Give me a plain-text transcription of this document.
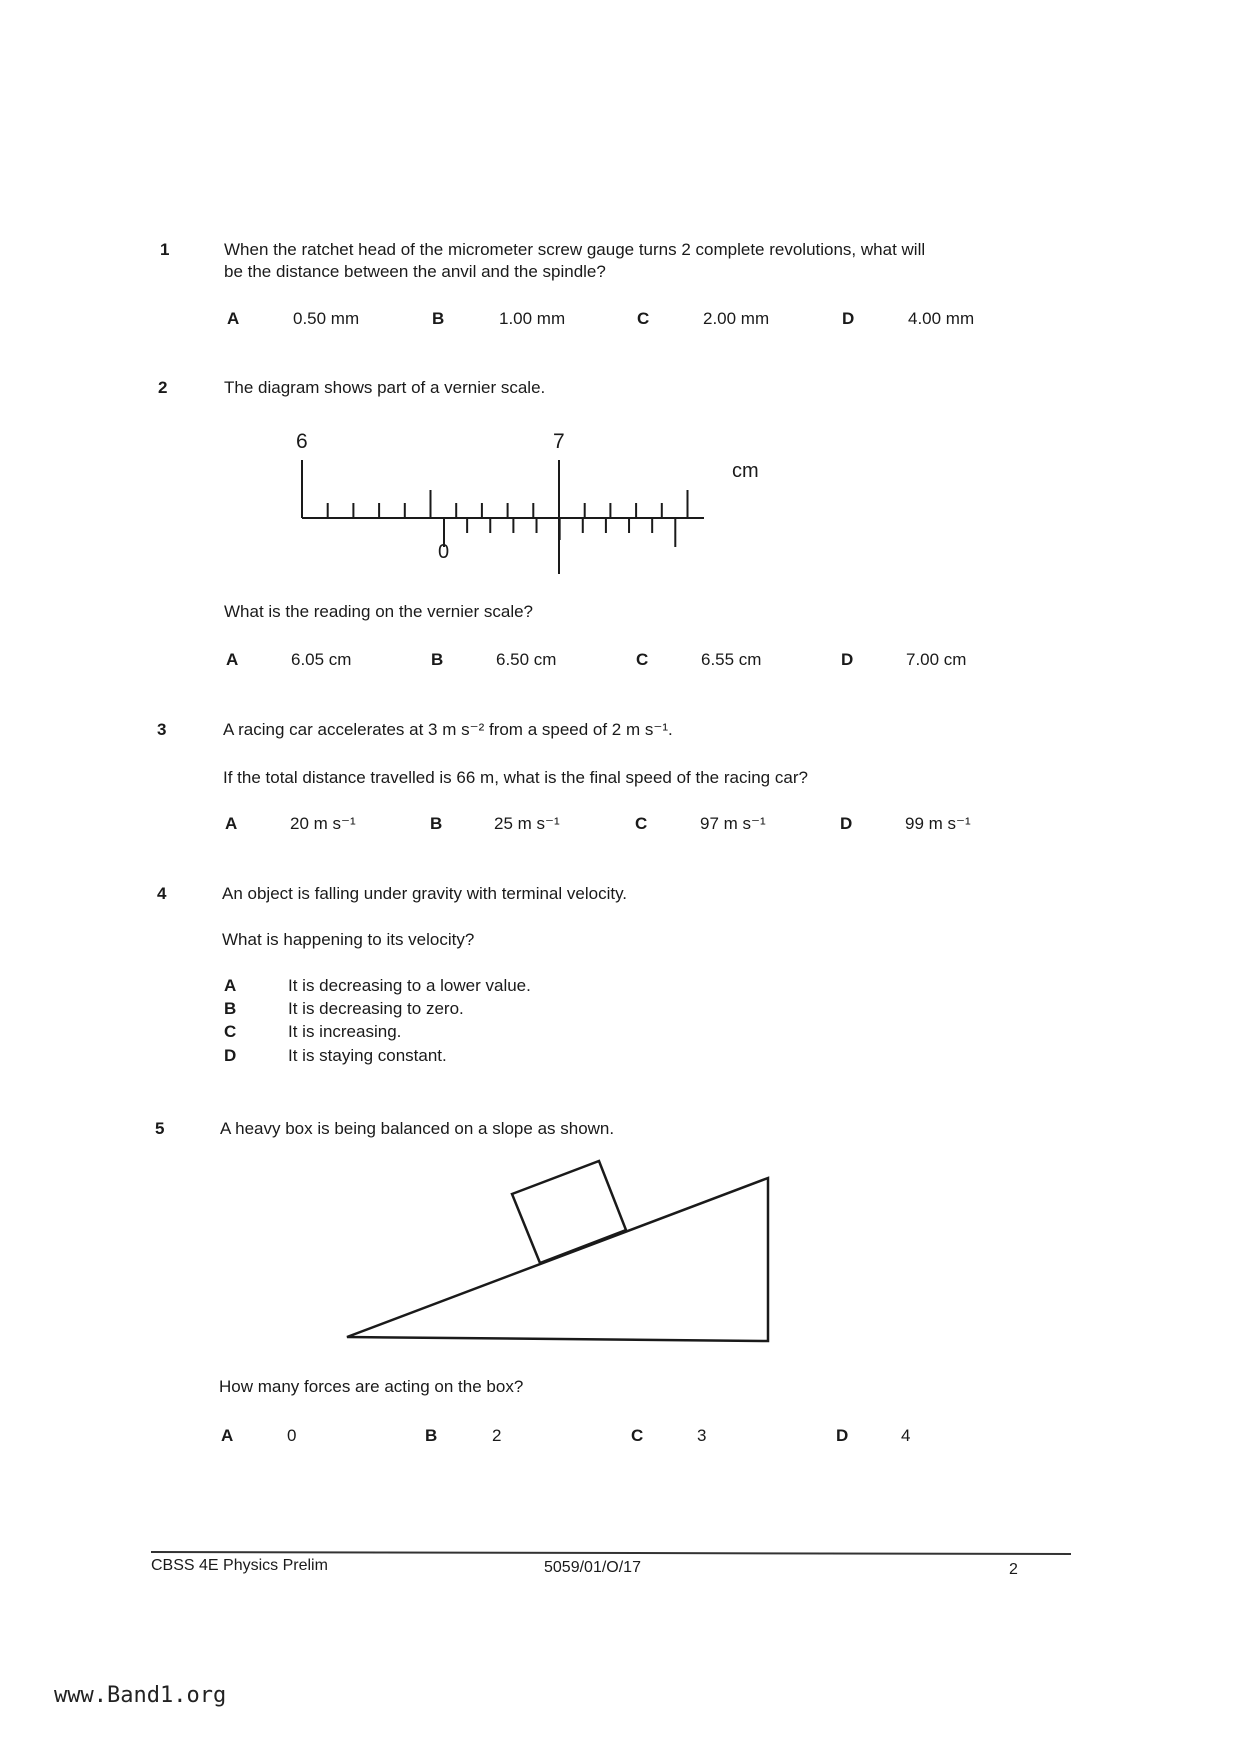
1	When the ratchet head of the micrometer screw gauge turns 2 complete revolutions, what will
be the distance between the anvil and the spindle?
A	0.50 mm	B	1.00 mm	C	2.00 mm	D	4.00 mm
2	The diagram shows part of a vernier scale.
6	7
cm
0
What is the reading on the vernier scale?
A	6.05 cm	B	6.50 cm	C	6.55 cm	D	7.00 cm
3	A racing car accelerates at 3 m s⁻² from a speed of 2 m s⁻¹.
If the total distance travelled is 66 m, what is the final speed of the racing car?
A	20 m s⁻¹	B	25 m s⁻¹	C	97 m s⁻¹	D	99 m s⁻¹
4	An object is falling under gravity with terminal velocity.
What is happening to its velocity?
A	It is decreasing to a lower value.
B	It is decreasing to zero.
C	It is increasing.
D	It is staying constant.
5	A heavy box is being balanced on a slope as shown.
How many forces are acting on the box?
A	0	B	2	C	3	D	4
CBSS 4E Physics Prelim	5059/01/O/17	2
www.Band1.org
